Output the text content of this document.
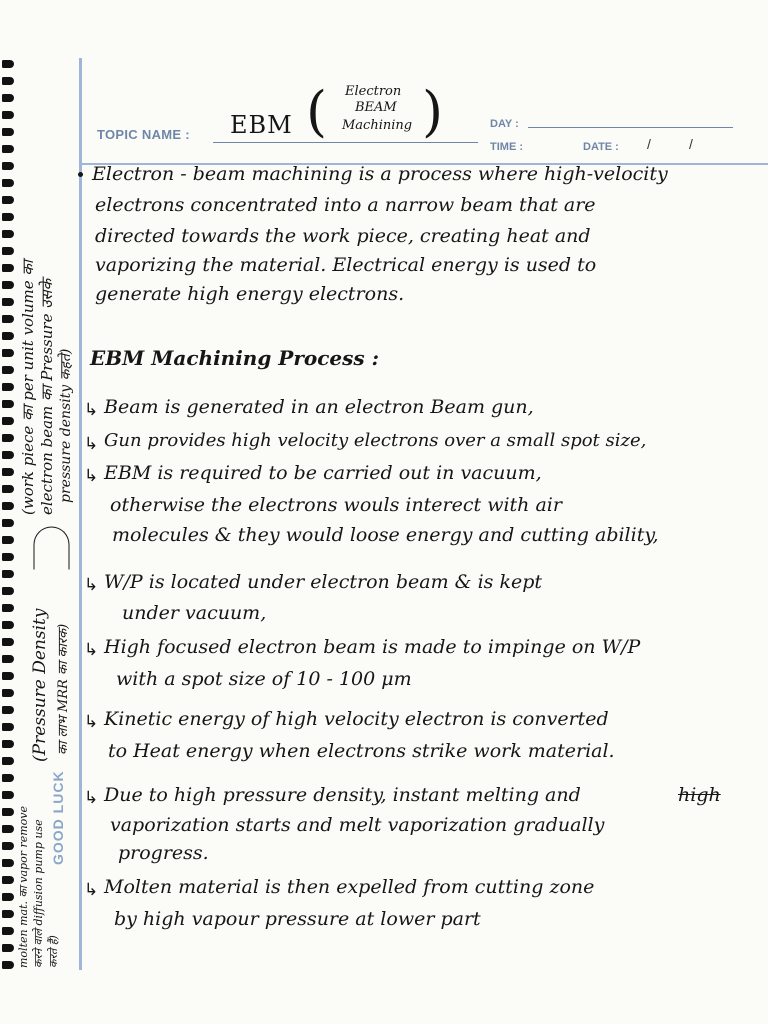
TOPIC NAME : EBM ( )
Electron
BEAM
Machining	DAY :
TIME :	DATE : /	/
Electron - beam machining is a process where high-velocity
electrons concentrated into a narrow beam that are
directed towards the work piece, creating heat and
vaporizing the material. Electrical energy is used to
generate high energy electrons.
EBM Machining Process :
↳ Beam is generated in an electron Beam gun,
↳ Gun provides high velocity electrons over a small spot size,
↳ EBM is required to be carried out in vacuum,
otherwise the electrons wouls interect with air
molecules & they would loose energy and cutting ability,
↳ W/P is located under electron beam & is kept
under vacuum,
↳ High focused electron beam is made to impinge on W/P
with a spot size of 10 - 100 μm
↳ Kinetic energy of high velocity electron is converted
to Heat energy when electrons strike work material.
↳ Due to high pressure density, instant melting and	high
vaporization starts and melt vaporization gradually
progress.
↳ Molten material is then expelled from cutting zone
by high vapour pressure at lower part
(work piece का per unit volume का electron beam का Pressure उसके pressure density कहते)
(Pressure Density का लाभ MRR का कारक)
GOOD LUCK
molten mat. का vapor remove करने वाले diffusion pump use करते हैं)
